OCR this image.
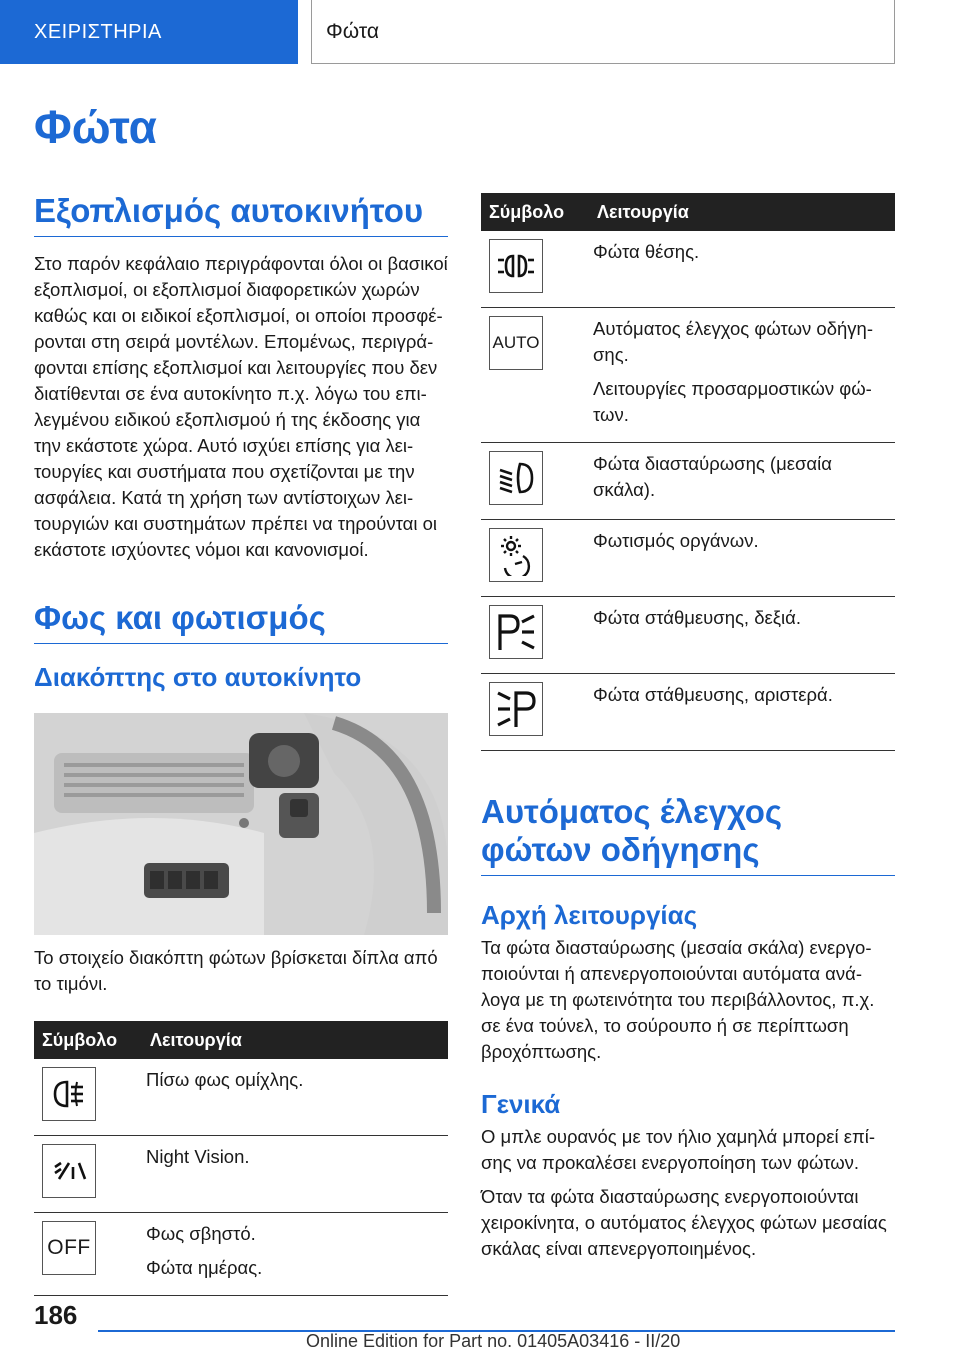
ΧΕΙΡΙΣΤΗΡΙΑ	Φώτα
Φώτα
Εξοπλισμός αυτοκινήτου

Στο παρόν κεφάλαιο περιγράφονται όλοι οι βασικοί εξοπλισμοί, οι εξοπλισμοί διαφορετικών χωρών καθώς και οι ειδικοί εξοπλισμοί, οι οποίοι προσφέρονται στη σειρά μοντέλων. Επομένως, περιγράφονται επίσης εξοπλισμοί και λειτουργίες που δεν διατίθενται σε ένα αυτοκίνητο π.χ. λόγω του επιλεγμένου ειδικού εξοπλισμού ή της έκδοσης για την εκάστοτε χώρα. Αυτό ισχύει επίσης για λειτουργίες και συστήματα που σχετίζονται με την ασφάλεια. Κατά τη χρήση των αντίστοιχων λειτουργιών και συστημάτων πρέπει να τηρούνται οι εκάστοτε ισχύοντες νόμοι και κανονισμοί.

Φως και φωτισμός
Διακόπτης στο αυτοκίνητο

Το στοιχείο διακόπτη φώτων βρίσκεται δίπλα από το τιμόνι.

Σύμβολο	Λειτουργία

Πίσω φως ομίχλης.

Night Vision.

OFF	Φως σβηστό.
Φώτα ημέρας.
Σύμβολο	Λειτουργία

Φώτα θέσης.

AUTO	Αυτόματος έλεγχος φώτων οδήγησης.
Λειτουργίες προσαρμοστικών φώτων.

Φώτα διασταύρωσης (μεσαία σκάλα).

Φωτισμός οργάνων.

Φώτα στάθμευσης, δεξιά.

Φώτα στάθμευσης, αριστερά.
Αυτόματος έλεγχος φώτων οδήγησης
Αρχή λειτουργίας

Τα φώτα διασταύρωσης (μεσαία σκάλα) ενεργοποιούνται ή απενεργοποιούνται αυτόματα ανάλογα με τη φωτεινότητα του περιβάλλοντος, π.χ. σε ένα τούνελ, το σούρουπο ή σε περίπτωση βροχόπτωσης.

Γενικά

Ο μπλε ουρανός με τον ήλιο χαμηλά μπορεί επίσης να προκαλέσει ενεργοποίηση των φώτων.

Όταν τα φώτα διασταύρωσης ενεργοποιούνται χειροκίνητα, ο αυτόματος έλεγχος φώτων μεσαίας σκάλας είναι απενεργοποιημένος.

186
Online Edition for Part no. 01405A03416 - II/20
